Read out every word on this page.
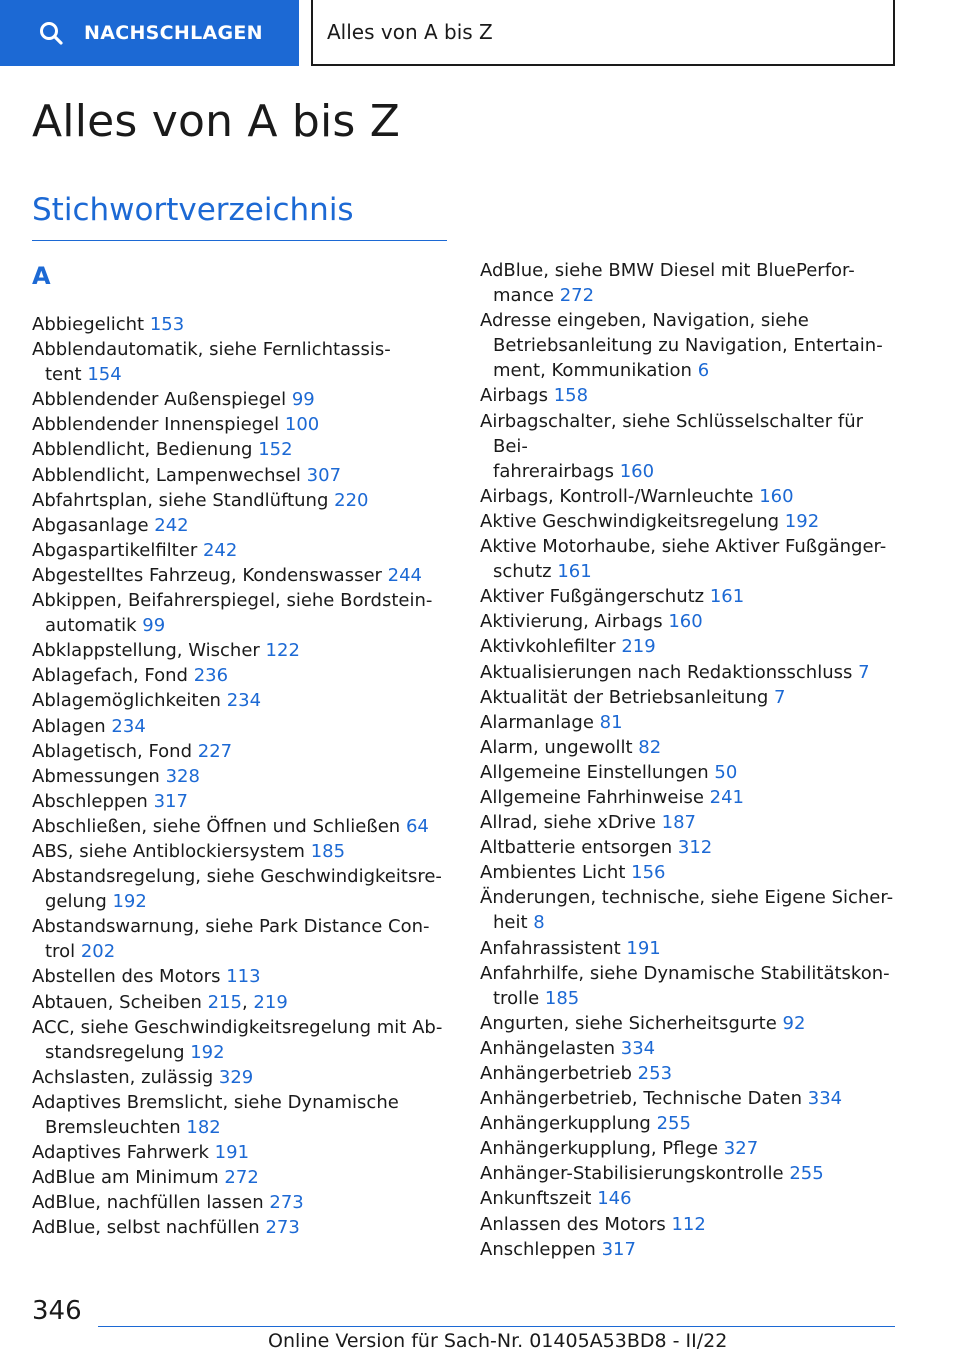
NACHSCHLAGEN	Alles von A bis Z
Alles von A bis Z
Stichwortverzeichnis
A
Abbiegelicht 153
Abblendautomatik, siehe Fernlichtassis-
tent 154
Abblendender Außenspiegel 99
Abblendender Innenspiegel 100
Abblendlicht, Bedienung 152
Abblendlicht, Lampenwechsel 307
Abfahrtsplan, siehe Standlüftung 220
Abgasanlage 242
Abgaspartikelfilter 242
Abgestelltes Fahrzeug, Kondenswasser 244
Abkippen, Beifahrerspiegel, siehe Bordstein-
automatik 99
Abklappstellung, Wischer 122
Ablagefach, Fond 236
Ablagemöglichkeiten 234
Ablagen 234
Ablagetisch, Fond 227
Abmessungen 328
Abschleppen 317
Abschließen, siehe Öffnen und Schließen 64
ABS, siehe Antiblockiersystem 185
Abstandsregelung, siehe Geschwindigkeitsre-
gelung 192
Abstandswarnung, siehe Park Distance Con-
trol 202
Abstellen des Motors 113
Abtauen, Scheiben 215, 219
ACC, siehe Geschwindigkeitsregelung mit Ab-
standsregelung 192
Achslasten, zulässig 329
Adaptives Bremslicht, siehe Dynamische
Bremsleuchten 182
Adaptives Fahrwerk 191
AdBlue am Minimum 272
AdBlue, nachfüllen lassen 273
AdBlue, selbst nachfüllen 273
AdBlue, siehe BMW Diesel mit BluePerfor-
mance 272
Adresse eingeben, Navigation, siehe
Betriebsanleitung zu Navigation, Entertain-
ment, Kommunikation 6
Airbags 158
Airbagschalter, siehe Schlüsselschalter für Bei-
fahrerairbags 160
Airbags, Kontroll-/Warnleuchte 160
Aktive Geschwindigkeitsregelung 192
Aktive Motorhaube, siehe Aktiver Fußgänger-
schutz 161
Aktiver Fußgängerschutz 161
Aktivierung, Airbags 160
Aktivkohlefilter 219
Aktualisierungen nach Redaktionsschluss 7
Aktualität der Betriebsanleitung 7
Alarmanlage 81
Alarm, ungewollt 82
Allgemeine Einstellungen 50
Allgemeine Fahrhinweise 241
Allrad, siehe xDrive 187
Altbatterie entsorgen 312
Ambientes Licht 156
Änderungen, technische, siehe Eigene Sicher-
heit 8
Anfahrassistent 191
Anfahrhilfe, siehe Dynamische Stabilitätskon-
trolle 185
Angurten, siehe Sicherheitsgurte 92
Anhängelasten 334
Anhängerbetrieb 253
Anhängerbetrieb, Technische Daten 334
Anhängerkupplung 255
Anhängerkupplung, Pflege 327
Anhänger-Stabilisierungskontrolle 255
Ankunftszeit 146
Anlassen des Motors 112
Anschleppen 317
346
Online Version für Sach-Nr. 01405A53BD8 - II/22
